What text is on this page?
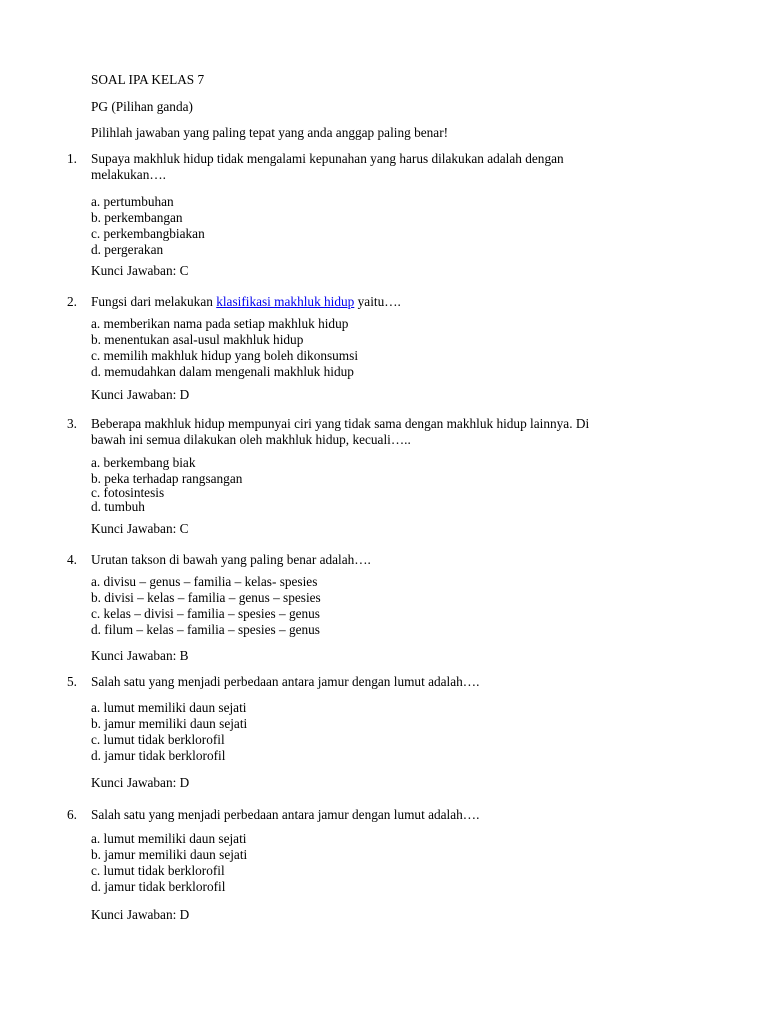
SOAL IPA KELAS 7
PG (Pilihan ganda)
Pilihlah jawaban yang paling tepat yang anda anggap paling benar!
1. Supaya makhluk hidup tidak mengalami kepunahan yang harus dilakukan adalah dengan
melakukan….
a. pertumbuhan
b. perkembangan
c. perkembangbiakan
d. pergerakan
Kunci Jawaban: C
2. Fungsi dari melakukan klasifikasi makhluk hidup yaitu….
a. memberikan nama pada setiap makhluk hidup
b. menentukan asal-usul makhluk hidup
c. memilih makhluk hidup yang boleh dikonsumsi
d. memudahkan dalam mengenali makhluk hidup
Kunci Jawaban: D
3. Beberapa makhluk hidup mempunyai ciri yang tidak sama dengan makhluk hidup lainnya. Di
bawah ini semua dilakukan oleh makhluk hidup, kecuali…..
a. berkembang biak
b. peka terhadap rangsangan
c. fotosintesis
d. tumbuh
Kunci Jawaban: C
4. Urutan takson di bawah yang paling benar adalah….
a. divisu – genus – familia – kelas- spesies
b. divisi – kelas – familia – genus – spesies
c. kelas – divisi – familia – spesies – genus
d. filum – kelas – familia – spesies – genus
Kunci Jawaban: B
5. Salah satu yang menjadi perbedaan antara jamur dengan lumut adalah….
a. lumut memiliki daun sejati
b. jamur memiliki daun sejati
c. lumut tidak berklorofil
d. jamur tidak berklorofil
Kunci Jawaban: D
6. Salah satu yang menjadi perbedaan antara jamur dengan lumut adalah….
a. lumut memiliki daun sejati
b. jamur memiliki daun sejati
c. lumut tidak berklorofil
d. jamur tidak berklorofil
Kunci Jawaban: D
